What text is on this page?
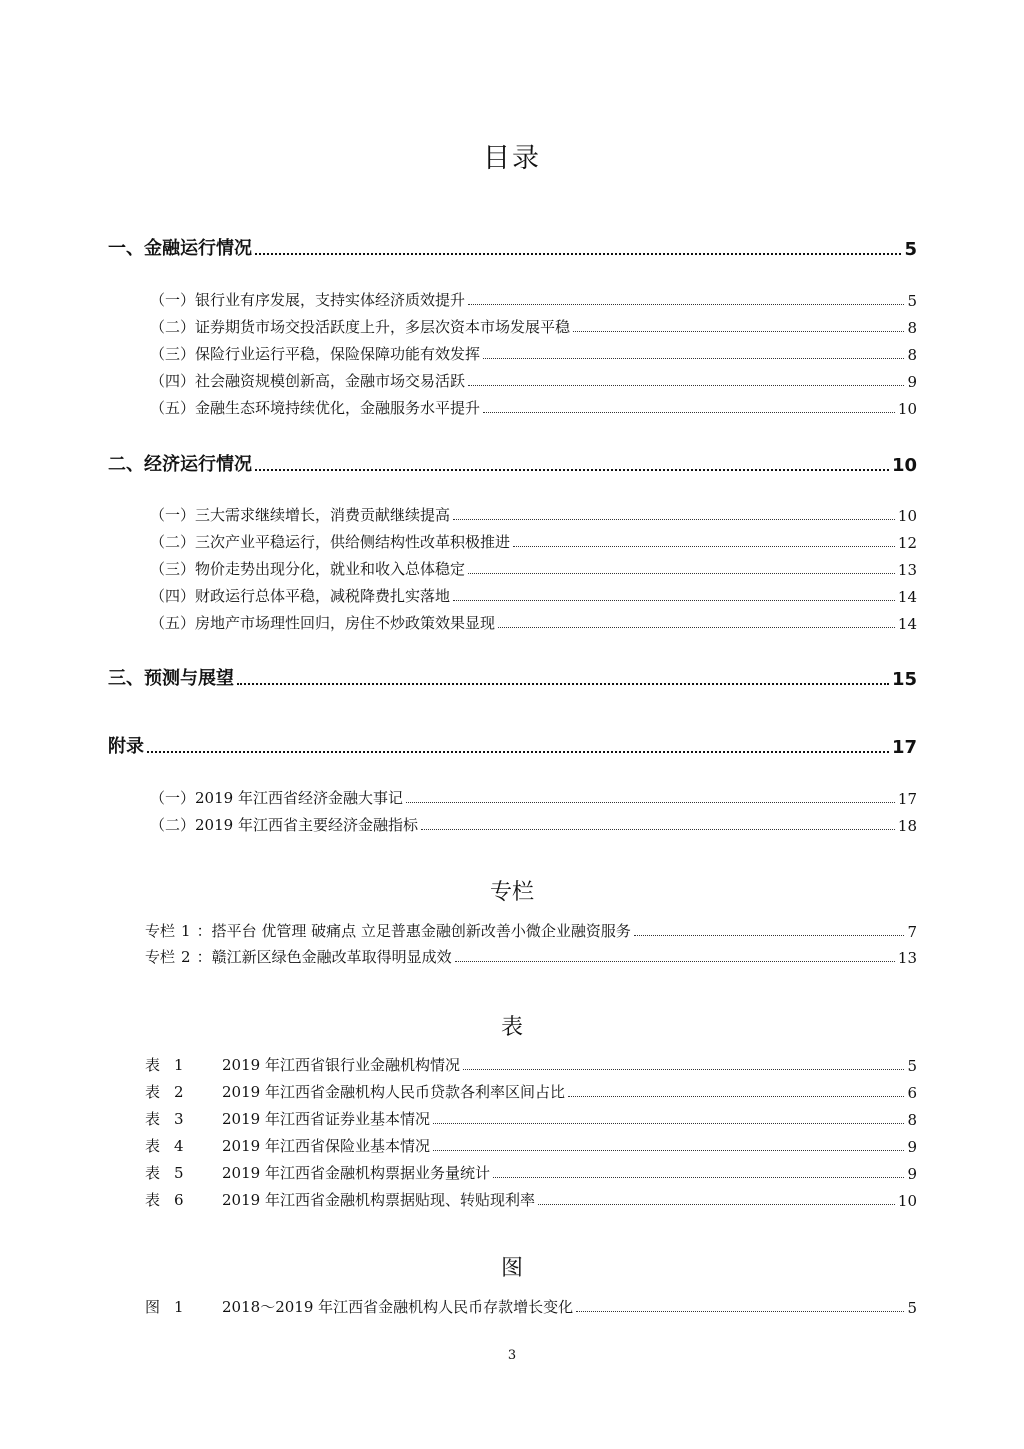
目录
一、金融运行情况	5
（一）银行业有序发展，支持实体经济质效提升	5
（二）证券期货市场交投活跃度上升，多层次资本市场发展平稳	8
（三）保险行业运行平稳，保险保障功能有效发挥	8
（四）社会融资规模创新高，金融市场交易活跃	9
（五）金融生态环境持续优化，金融服务水平提升	10
二、经济运行情况	10
（一）三大需求继续增长，消费贡献继续提高	10
（二）三次产业平稳运行，供给侧结构性改革积极推进	12
（三）物价走势出现分化，就业和收入总体稳定	13
（四）财政运行总体平稳，减税降费扎实落地	14
（五）房地产市场理性回归，房住不炒政策效果显现	14
三、预测与展望	15
附录	17
（一）2019 年江西省经济金融大事记	17
（二）2019 年江西省主要经济金融指标	18
专栏
专栏 1 ：搭平台 优管理 破痛点 立足普惠金融创新改善小微企业融资服务	7
专栏 2 ：赣江新区绿色金融改革取得明显成效	13
表
表 1	2019 年江西省银行业金融机构情况	5
表 2	2019 年江西省金融机构人民币贷款各利率区间占比	6
表 3	2019 年江西省证券业基本情况	8
表 4	2019 年江西省保险业基本情况	9
表 5	2019 年江西省金融机构票据业务量统计	9
表 6	2019 年江西省金融机构票据贴现、转贴现利率	10
图
图 1	2018～2019 年江西省金融机构人民币存款增长变化	5
3
